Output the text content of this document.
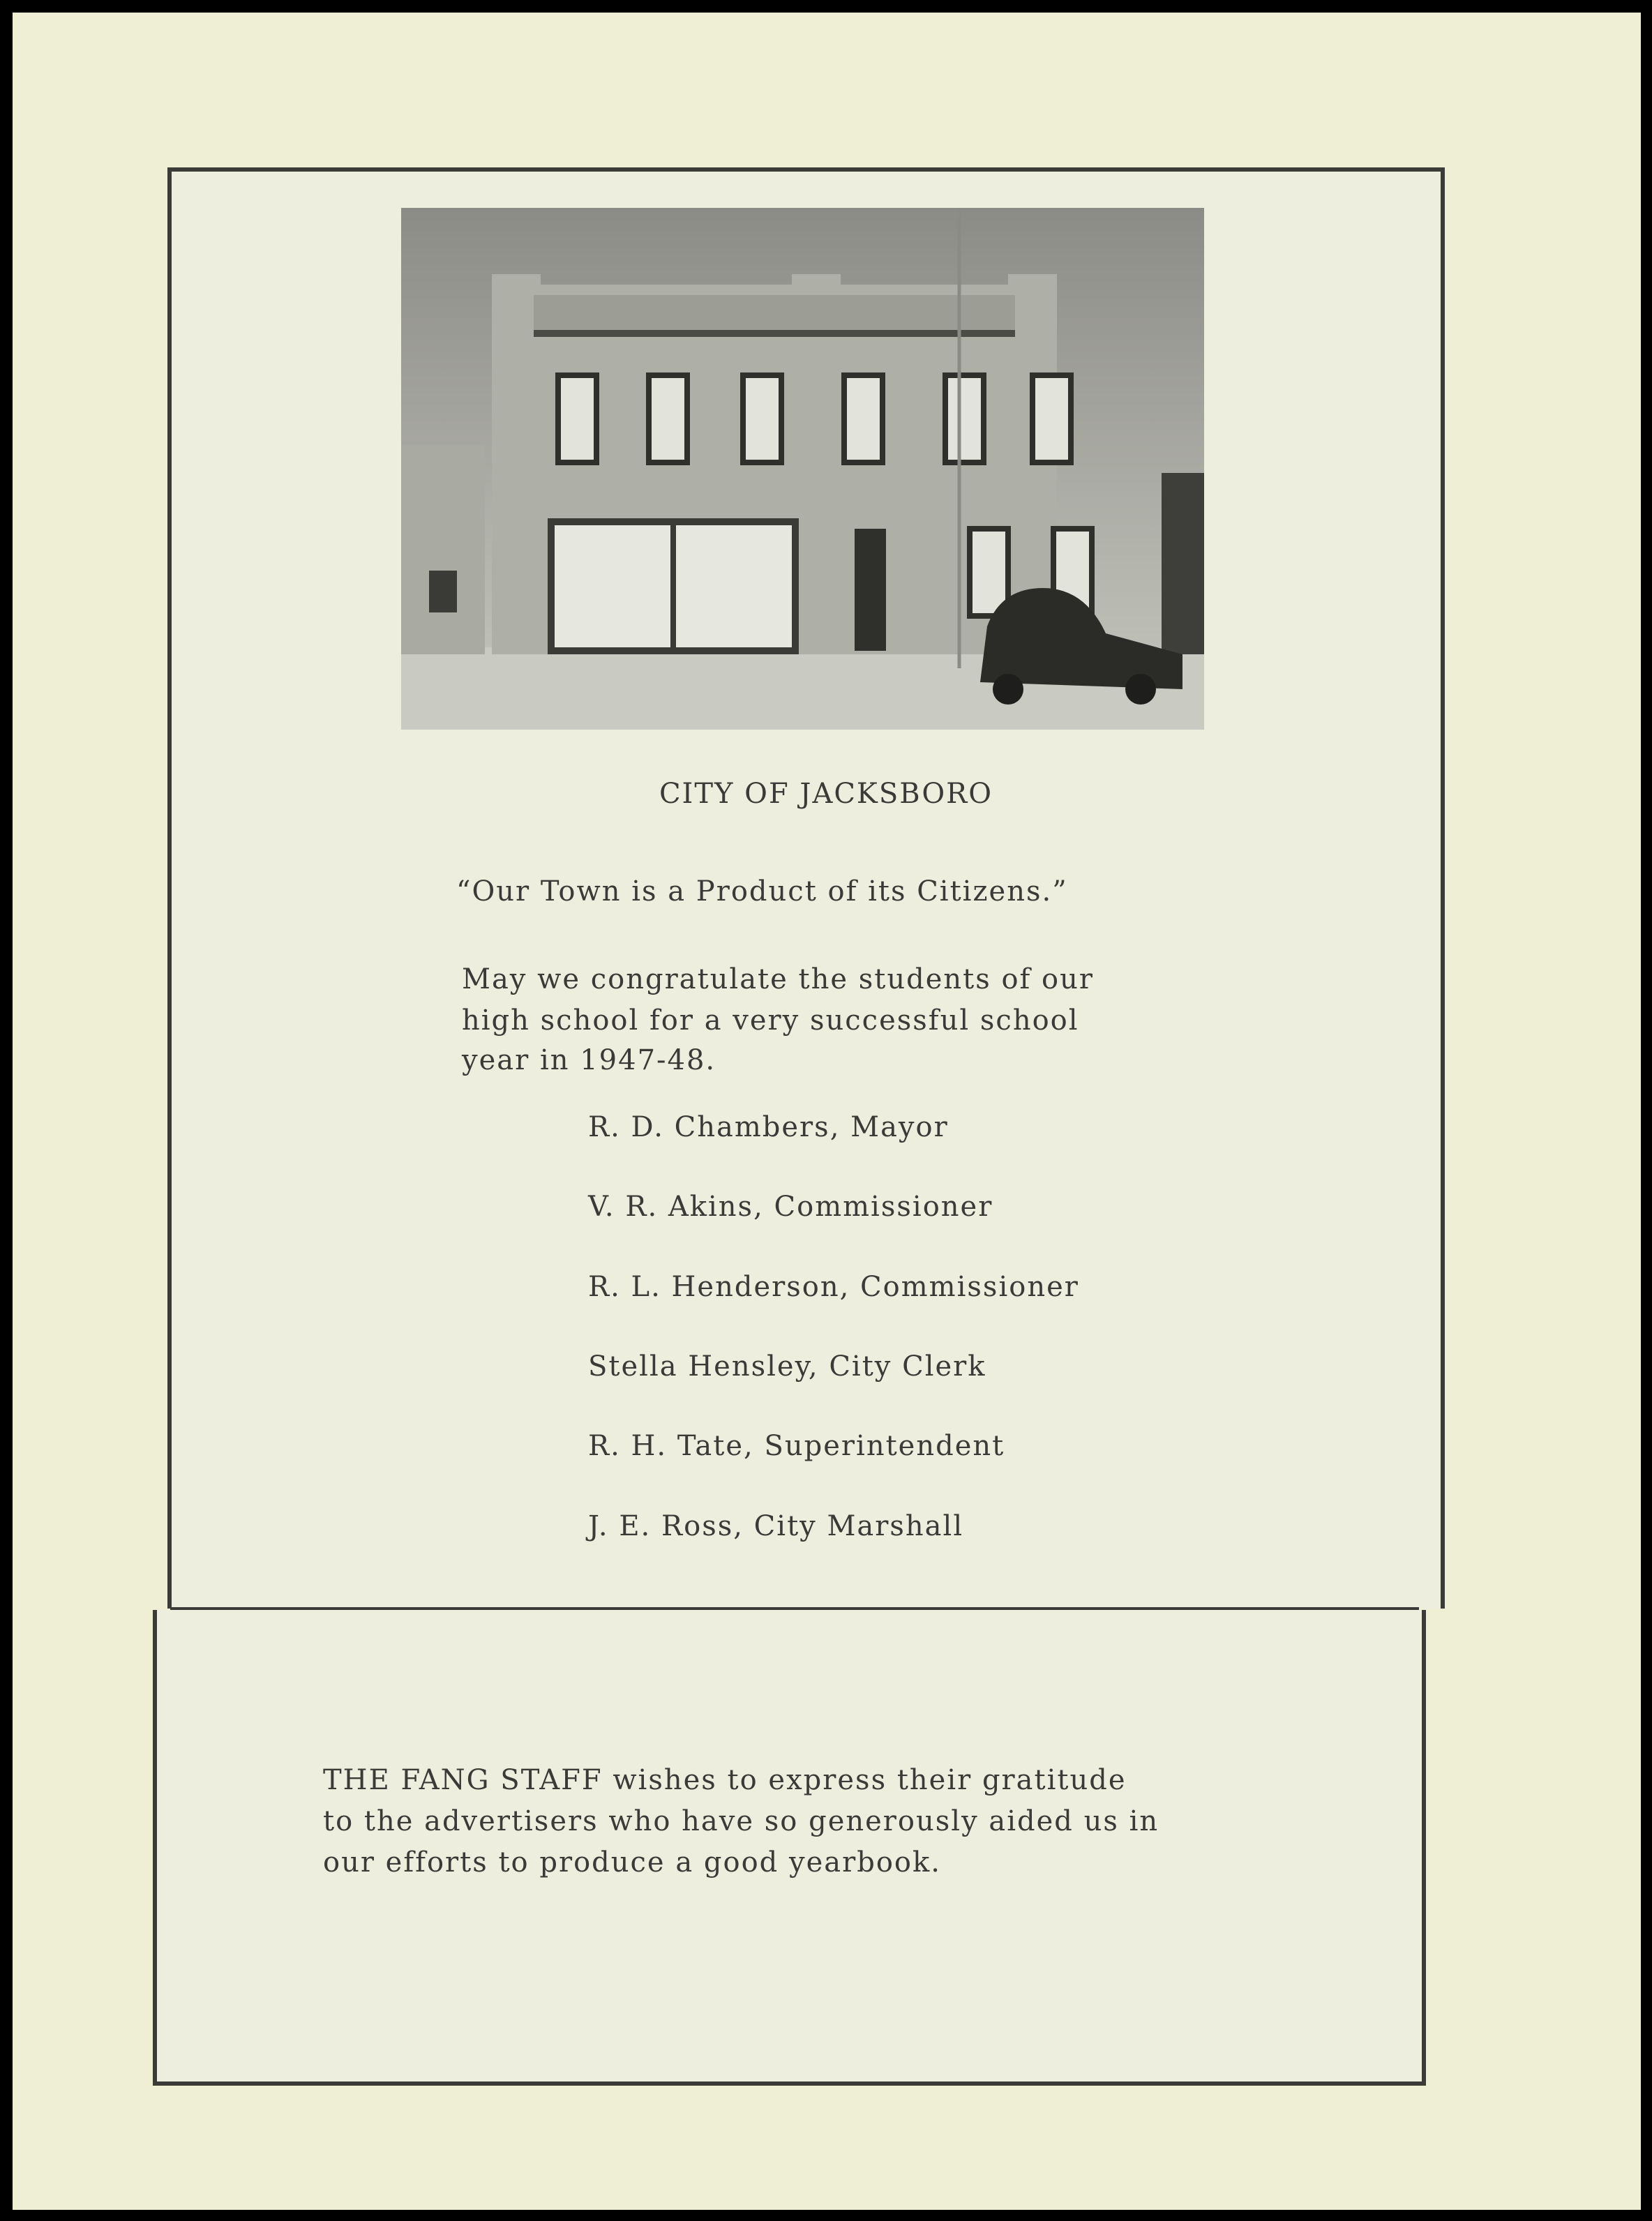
CITY OF JACKSBORO
“Our Town is a Product of its Citizens.”
May we congratulate the students of our
high school for a very successful school
year in 1947-48.
R. D. Chambers, Mayor
V. R. Akins, Commissioner
R. L. Henderson, Commissioner
Stella Hensley, City Clerk
R. H. Tate, Superintendent
J. E. Ross, City Marshall
THE FANG STAFF wishes to express their gratitude
to the advertisers who have so generously aided us in
our efforts to produce a good yearbook.
